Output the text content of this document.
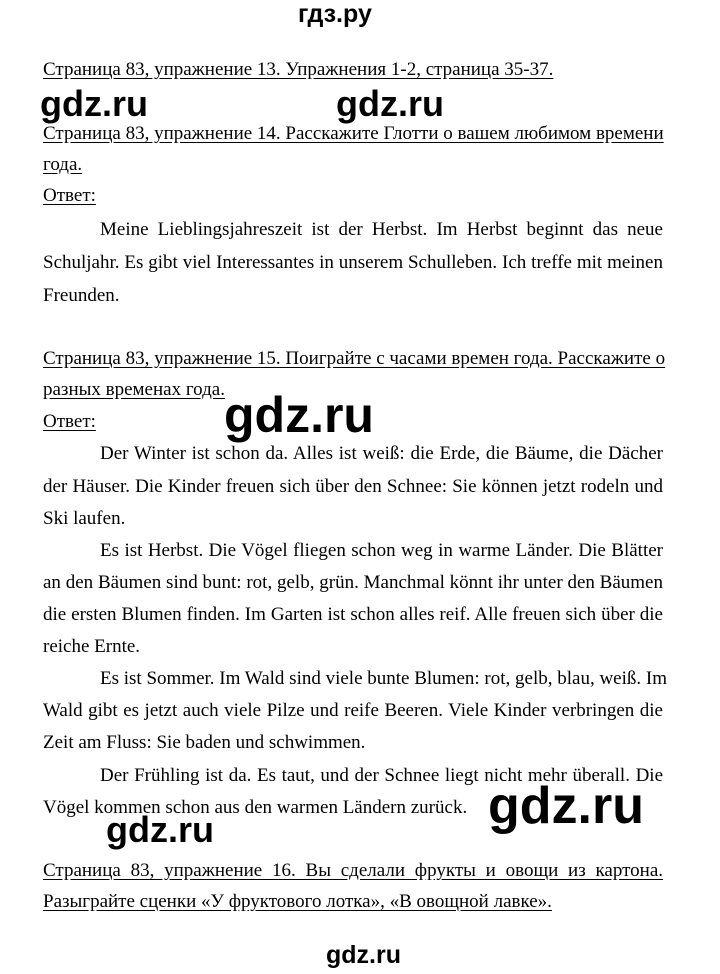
гдз.ру
Страница 83, упражнение 13. Упражнения 1-2, страница 35-37.
Страница 83, упражнение 14. Расскажите Глотти о вашем любимом времени
года.
Ответ:
Meine Lieblingsjahreszeit ist der Herbst. Im Herbst beginnt das neue
Schuljahr. Es gibt viel Interessantes in unserem Schulleben. Ich treffe mit meinen
Freunden.
Страница 83, упражнение 15. Поиграйте с часами времен года. Расскажите о
разных временах года.
Ответ:
Der Winter ist schon da. Alles ist weiß: die Erde, die Bäume, die Dächer
der Häuser. Die Kinder freuen sich über den Schnee: Sie können jetzt rodeln und
Ski laufen.
Es ist Herbst. Die Vögel fliegen schon weg in warme Länder. Die Blätter
an den Bäumen sind bunt: rot, gelb, grün. Manchmal könnt ihr unter den Bäumen
die ersten Blumen finden. Im Garten ist schon alles reif. Alle freuen sich über die
reiche Ernte.
Es ist Sommer. Im Wald sind viele bunte Blumen: rot, gelb, blau, weiß. Im
Wald gibt es jetzt auch viele Pilze und reife Beeren. Viele Kinder verbringen die
Zeit am Fluss: Sie baden und schwimmen.
Der Frühling ist da. Es taut, und der Schnee liegt nicht mehr überall. Die
Vögel kommen schon aus den warmen Ländern zurück.
Страница 83, упражнение 16. Вы сделали фрукты и овощи из картона.
Разыграйте сценки «У фруктового лотка», «В овощной лавке».
gdz.ru	gdz.ru
gdz.ru
gdz.ru
gdz.ru
gdz.ru
